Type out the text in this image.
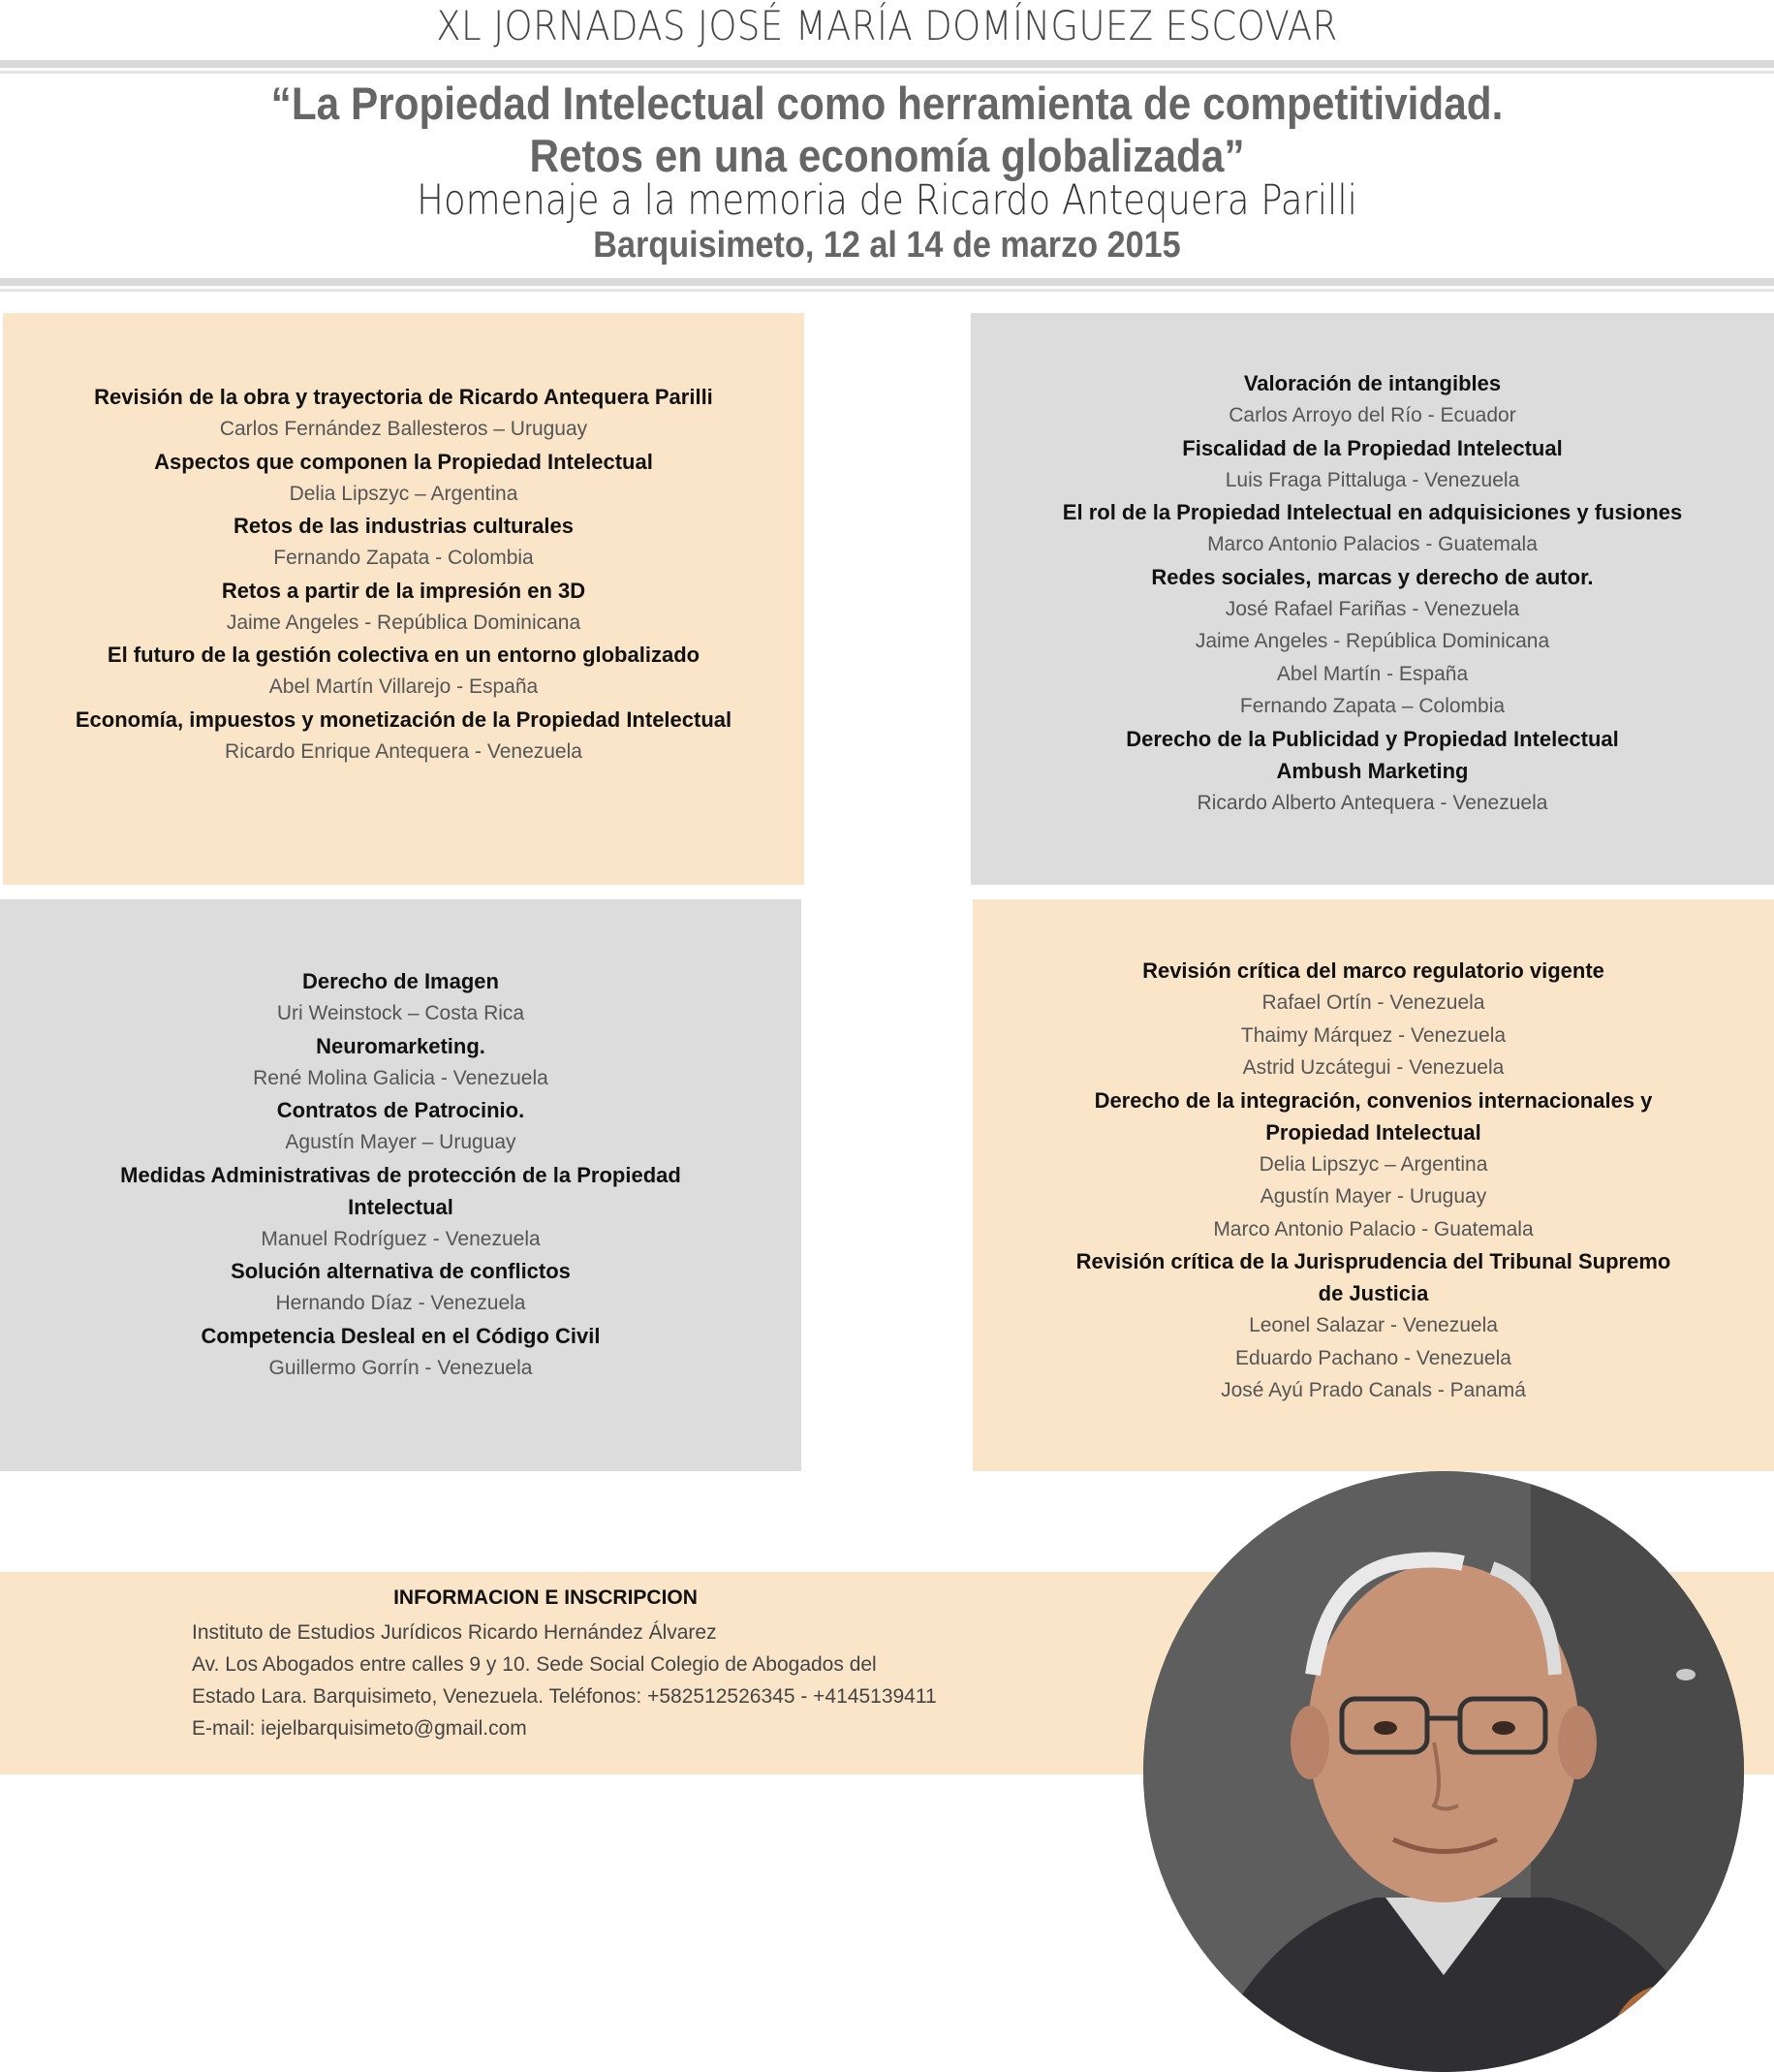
XL JORNADAS JOSÉ MARÍA DOMÍNGUEZ ESCOVAR
“La Propiedad Intelectual como herramienta de competitividad.
Retos en una economía globalizada”
Homenaje a la memoria de Ricardo Antequera Parilli
Barquisimeto, 12 al 14 de marzo 2015
Revisión de la obra y trayectoria de Ricardo Antequera Parilli
Carlos Fernández Ballesteros – Uruguay
Aspectos que componen la Propiedad Intelectual
Delia Lipszyc – Argentina
Retos de las industrias culturales
Fernando Zapata - Colombia
Retos a partir de la impresión en 3D
Jaime Angeles - República Dominicana
El futuro de la gestión colectiva en un entorno globalizado
Abel Martín Villarejo - España
Economía, impuestos y monetización de la Propiedad Intelectual
Ricardo Enrique Antequera - Venezuela
Valoración de intangibles
Carlos Arroyo del Río - Ecuador
Fiscalidad de la Propiedad Intelectual
Luis Fraga Pittaluga - Venezuela
El rol de la Propiedad Intelectual en adquisiciones y fusiones
Marco Antonio Palacios - Guatemala
Redes sociales, marcas y derecho de autor.
José Rafael Fariñas - Venezuela
Jaime Angeles - República Dominicana
Abel Martín - España
Fernando Zapata – Colombia
Derecho de la Publicidad y Propiedad Intelectual
Ambush Marketing
Ricardo Alberto Antequera - Venezuela
Derecho de Imagen
Uri Weinstock – Costa Rica
Neuromarketing.
René Molina Galicia - Venezuela
Contratos de Patrocinio.
Agustín Mayer – Uruguay
Medidas Administrativas de protección de la Propiedad
Intelectual
Manuel Rodríguez - Venezuela
Solución alternativa de conflictos
Hernando Díaz - Venezuela
Competencia Desleal en el Código Civil
Guillermo Gorrín - Venezuela
Revisión crítica del marco regulatorio vigente
Rafael Ortín - Venezuela
Thaimy Márquez - Venezuela
Astrid Uzcátegui - Venezuela
Derecho de la integración, convenios internacionales y
Propiedad Intelectual
Delia Lipszyc – Argentina
Agustín Mayer - Uruguay
Marco Antonio Palacio - Guatemala
Revisión crítica de la Jurisprudencia del Tribunal Supremo
de Justicia
Leonel Salazar - Venezuela
Eduardo Pachano - Venezuela
José Ayú Prado Canals - Panamá
INFORMACION E INSCRIPCION
Instituto de Estudios Jurídicos Ricardo Hernández Álvarez
Av. Los Abogados entre calles 9 y 10. Sede Social Colegio de Abogados del
Estado Lara. Barquisimeto, Venezuela. Teléfonos: +582512526345 - +4145139411
E-mail: iejelbarquisimeto@gmail.com
